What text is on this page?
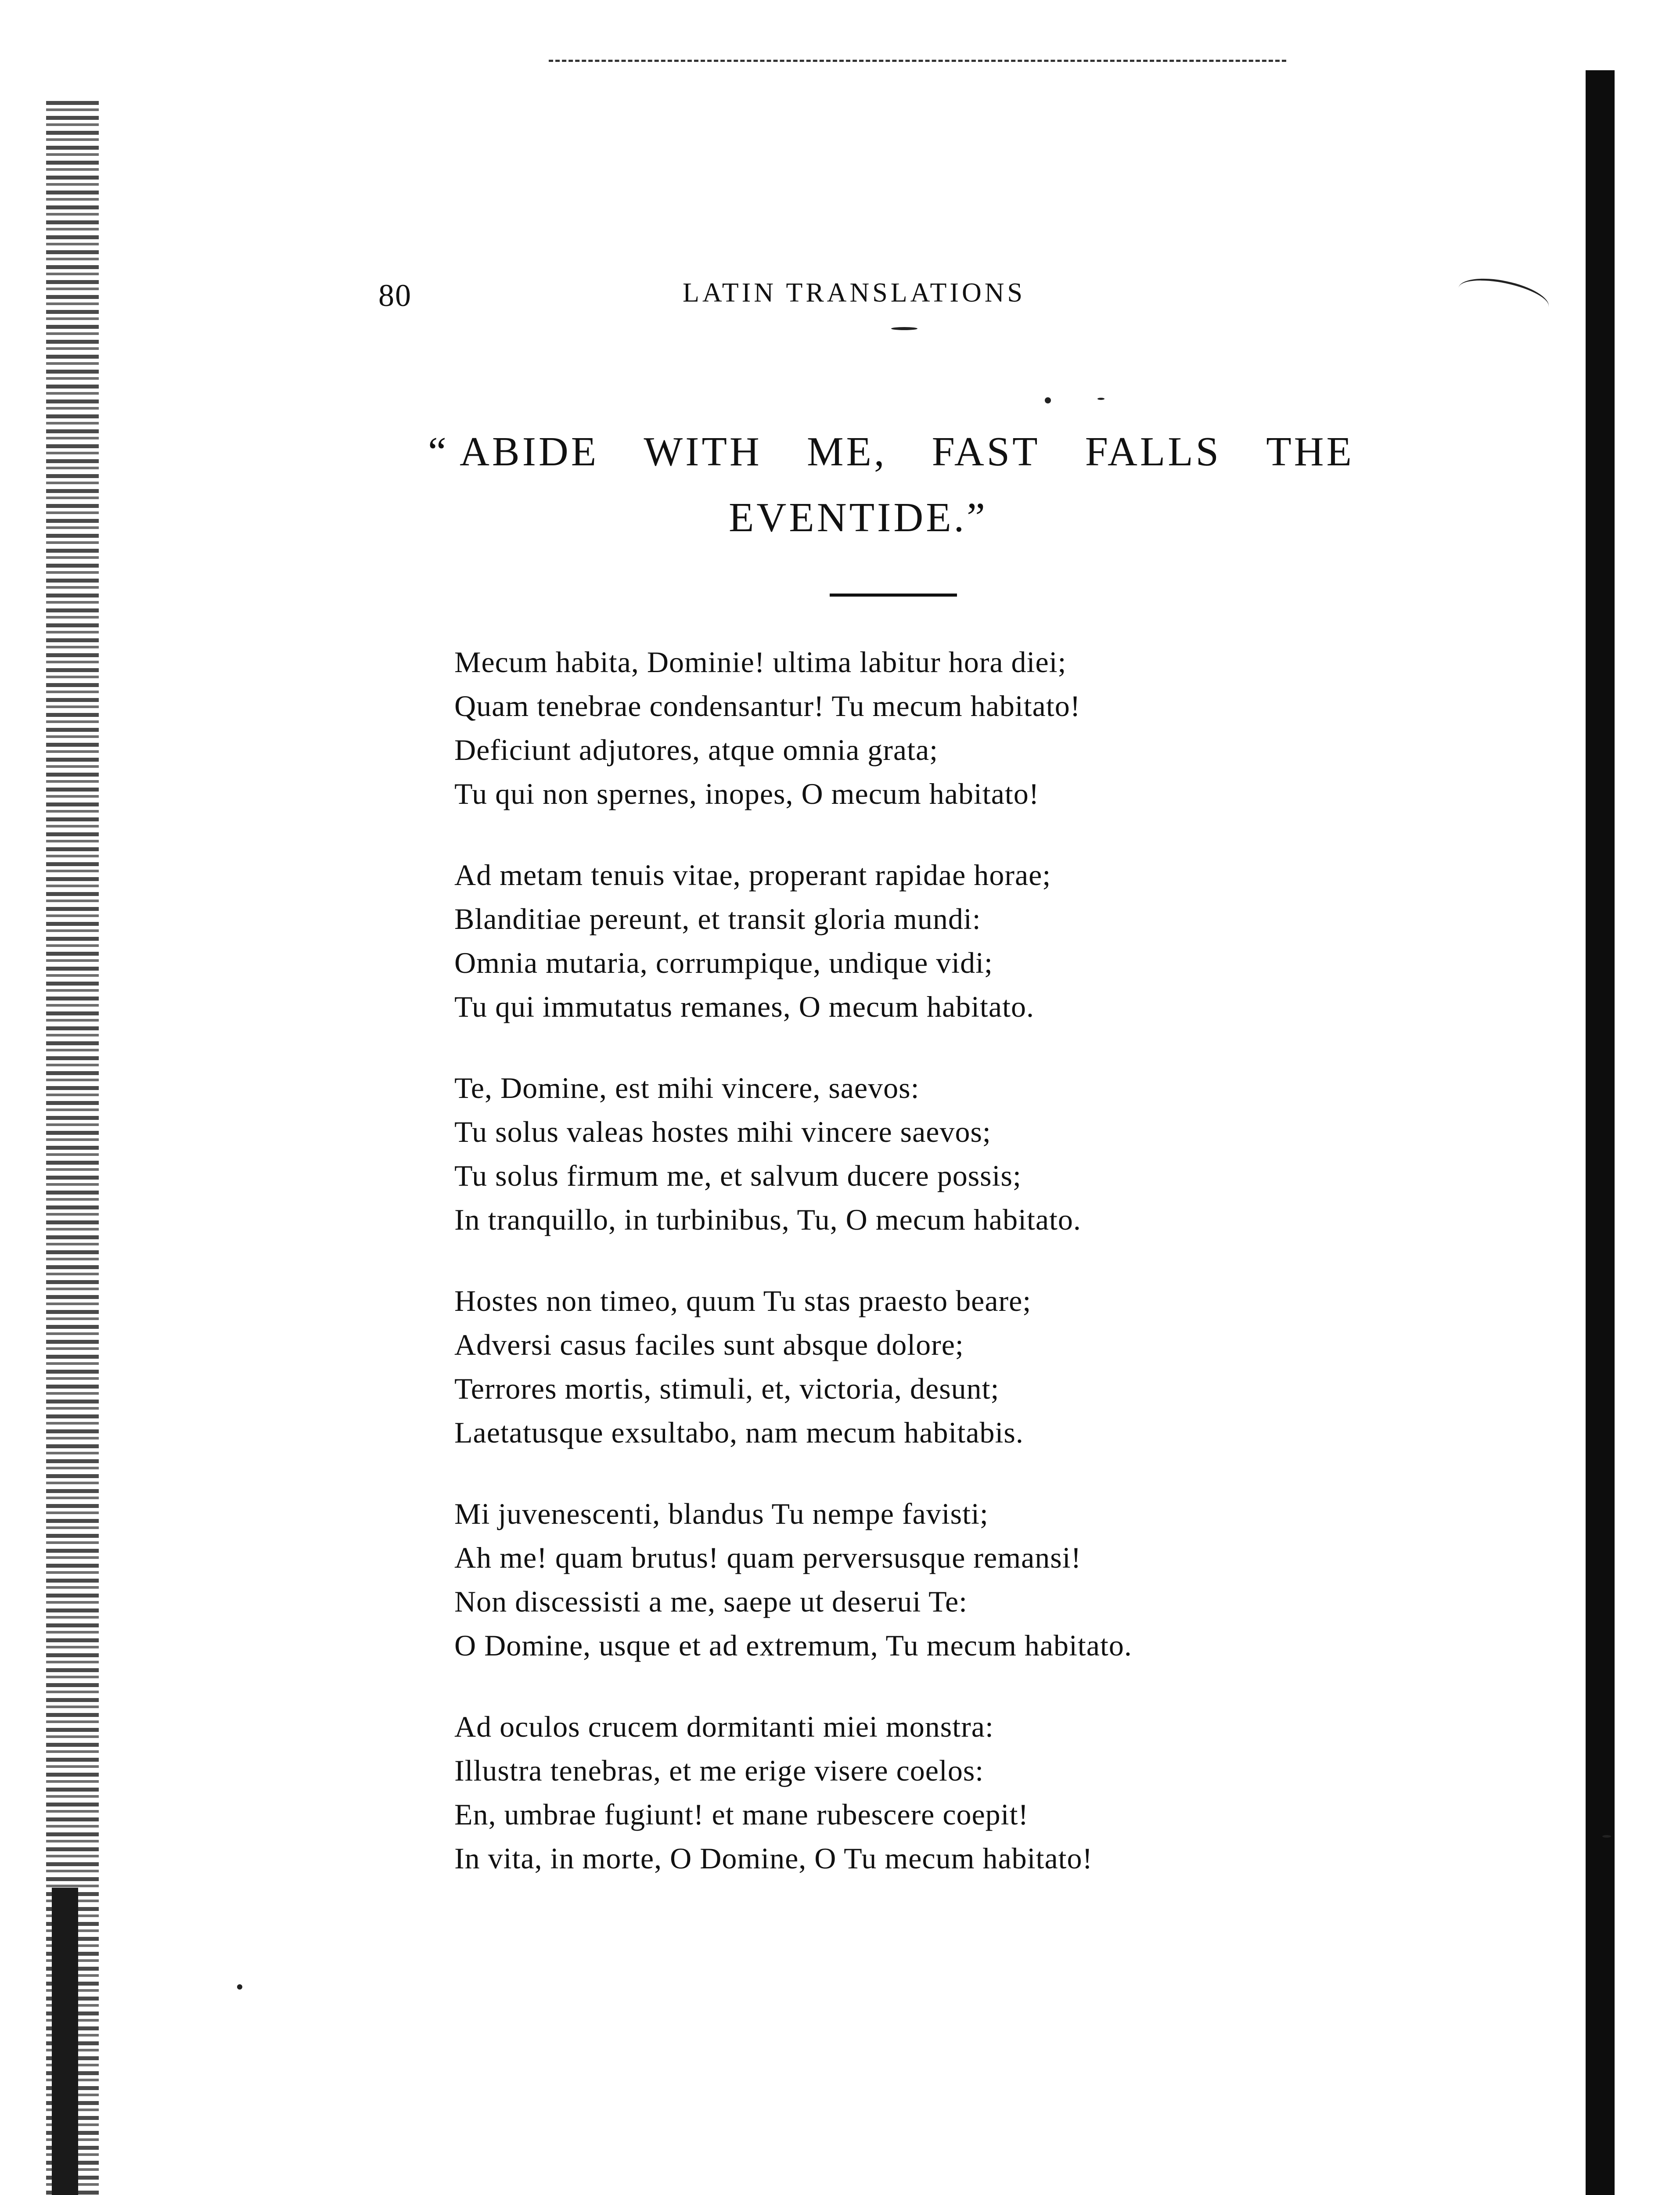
80	LATIN TRANSLATIONS
“ ABIDE WITH ME, FAST FALLS THE
EVENTIDE.”
Mecum habita, Dominie! ultima labitur hora diei;
Quam tenebrae condensantur! Tu mecum habitato!
Deficiunt adjutores, atque omnia grata;
Tu qui non spernes, inopes, O mecum habitato!
Ad metam tenuis vitae, properant rapidae horae;
Blanditiae pereunt, et transit gloria mundi:
Omnia mutaria, corrumpique, undique vidi;
Tu qui immutatus remanes, O mecum habitato.
Te, Domine, est mihi vincere, saevos:
Tu solus valeas hostes mihi vincere saevos;
Tu solus firmum me, et salvum ducere possis;
In tranquillo, in turbinibus, Tu, O mecum habitato.
Hostes non timeo, quum Tu stas praesto beare;
Adversi casus faciles sunt absque dolore;
Terrores mortis, stimuli, et, victoria, desunt;
Laetatusque exsultabo, nam mecum habitabis.
Mi juvenescenti, blandus Tu nempe favisti;
Ah me! quam brutus! quam perversusque remansi!
Non discessisti a me, saepe ut deserui Te:
O Domine, usque et ad extremum, Tu mecum habitato.
Ad oculos crucem dormitanti miei monstra:
Illustra tenebras, et me erige visere coelos:
En, umbrae fugiunt! et mane rubescere coepit!
In vita, in morte, O Domine, O Tu mecum habitato!
